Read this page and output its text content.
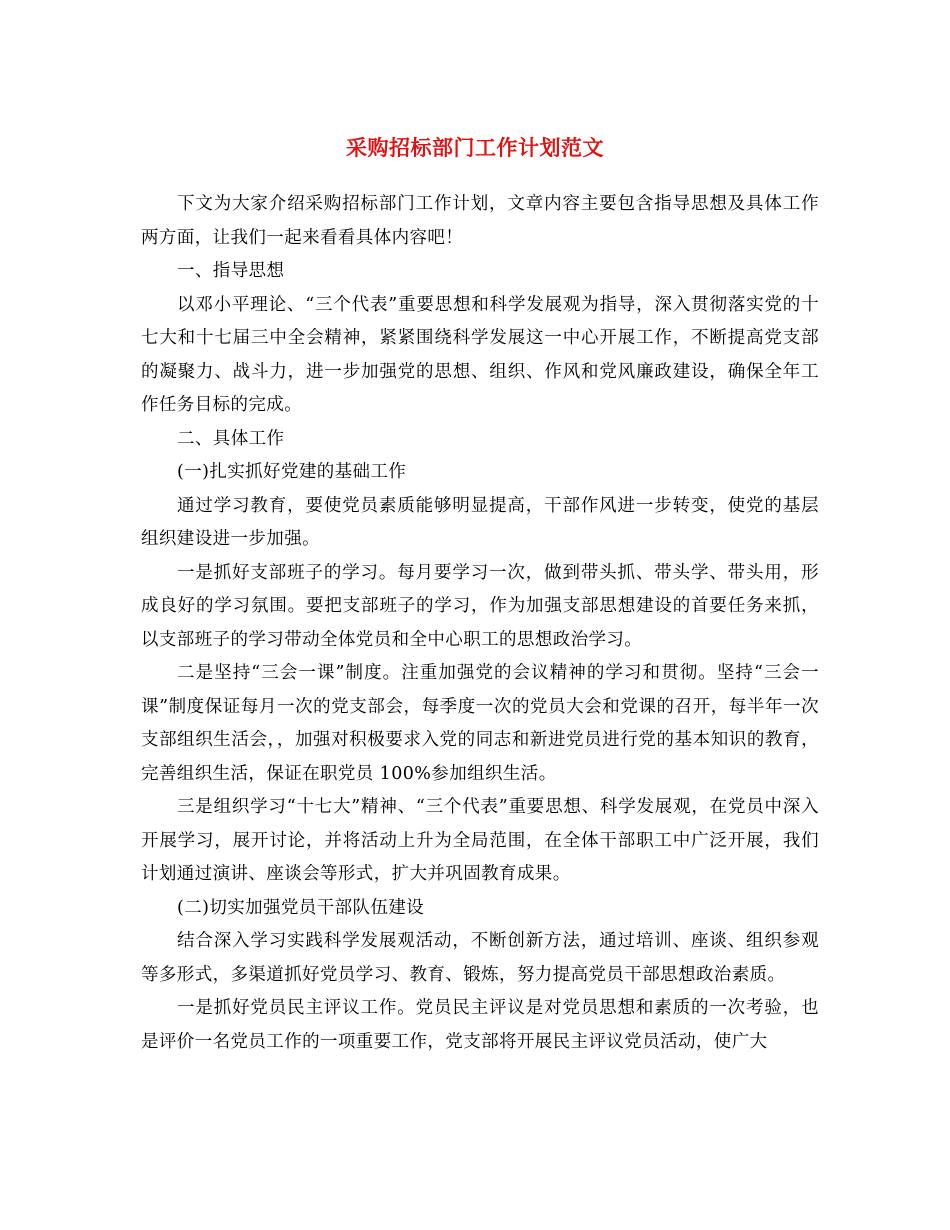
采购招标部门工作计划范文

下文为大家介绍采购招标部门工作计划，文章内容主要包含指导思想及具体工作两方面，让我们一起来看看具体内容吧！

一、指导思想

以邓小平理论、“三个代表”重要思想和科学发展观为指导，深入贯彻落实党的十七大和十七届三中全会精神，紧紧围绕科学发展这一中心开展工作，不断提高党支部的凝聚力、战斗力，进一步加强党的思想、组织、作风和党风廉政建设，确保全年工作任务目标的完成。

二、具体工作

(一)扎实抓好党建的基础工作

通过学习教育，要使党员素质能够明显提高，干部作风进一步转变，使党的基层组织建设进一步加强。

一是抓好支部班子的学习。每月要学习一次，做到带头抓、带头学、带头用，形成良好的学习氛围。要把支部班子的学习，作为加强支部思想建设的首要任务来抓，以支部班子的学习带动全体党员和全中心职工的思想政治学习。

二是坚持“三会一课”制度。注重加强党的会议精神的学习和贯彻。坚持“三会一课”制度保证每月一次的党支部会，每季度一次的党员大会和党课的召开，每半年一次支部组织生活会，，加强对积极要求入党的同志和新进党员进行党的基本知识的教育，完善组织生活，保证在职党员 100%参加组织生活。

三是组织学习“十七大”精神、“三个代表”重要思想、科学发展观，在党员中深入开展学习，展开讨论，并将活动上升为全局范围，在全体干部职工中广泛开展，我们计划通过演讲、座谈会等形式，扩大并巩固教育成果。

(二)切实加强党员干部队伍建设

结合深入学习实践科学发展观活动，不断创新方法，通过培训、座谈、组织参观等多形式，多渠道抓好党员学习、教育、锻炼，努力提高党员干部思想政治素质。

一是抓好党员民主评议工作。党员民主评议是对党员思想和素质的一次考验，也是评价一名党员工作的一项重要工作，党支部将开展民主评议党员活动，使广大
